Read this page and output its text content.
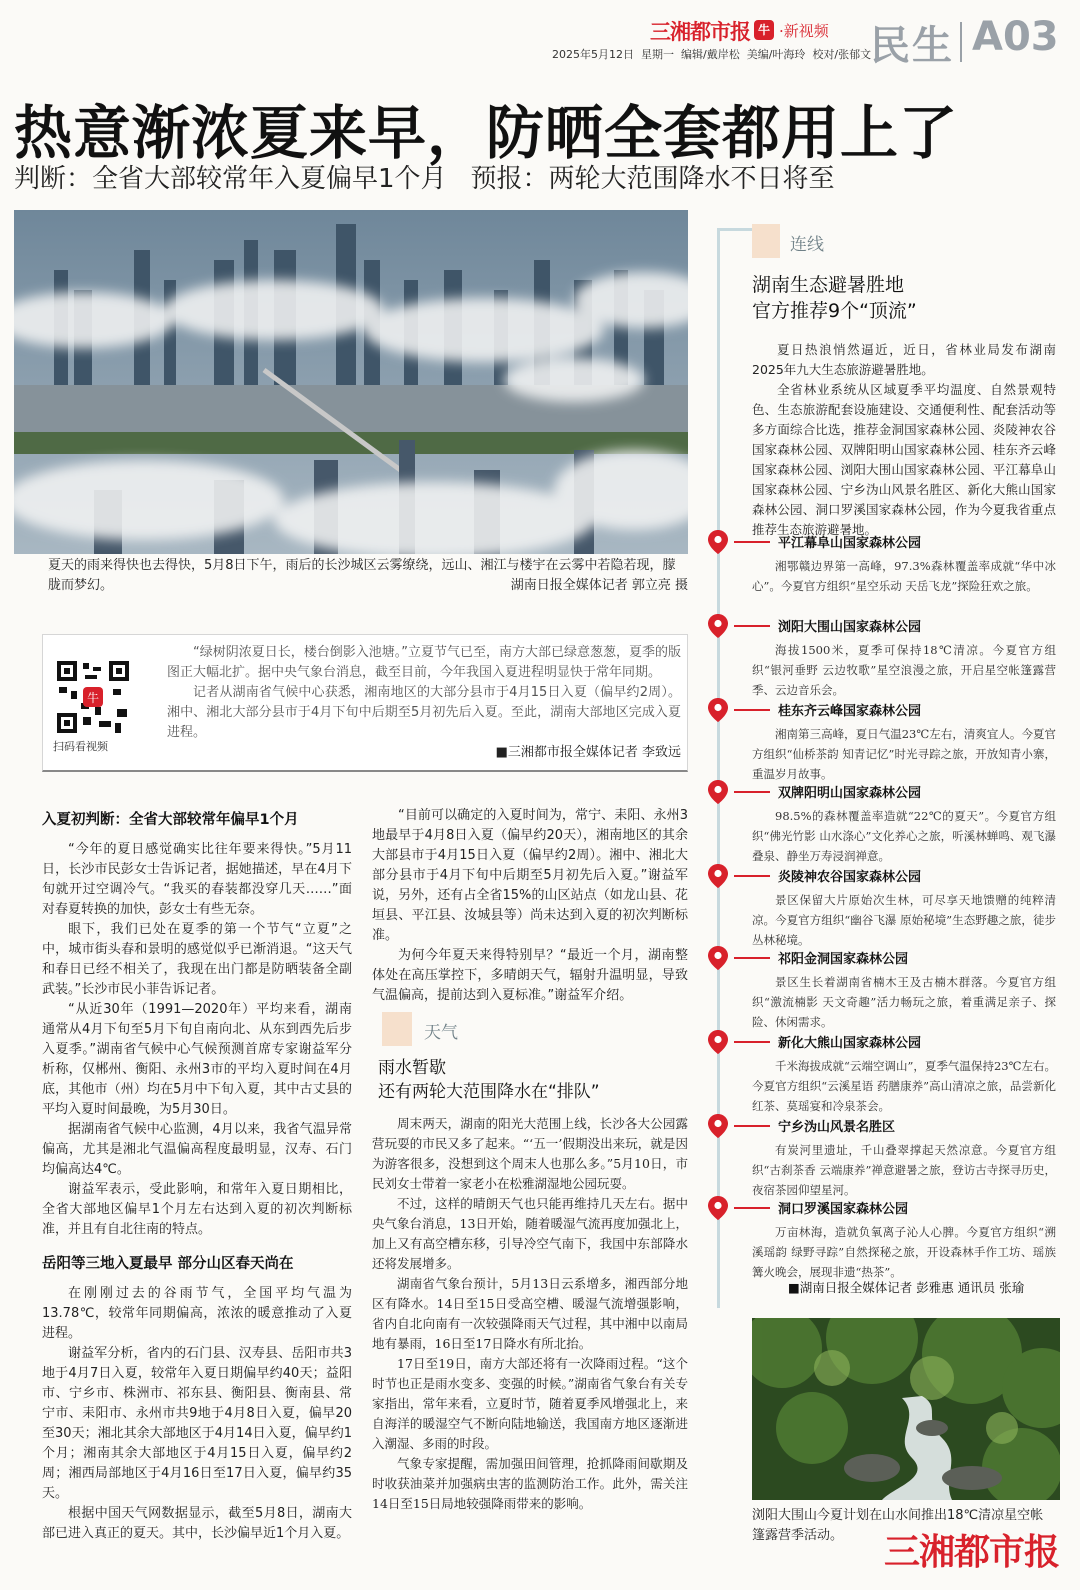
三湘都市报 牛 ·新视频
2025年5月12日 星期一 编辑/戴岸松 美编/叶海玲 校对/张郁文
民生 A03
热意渐浓夏来早，防晒全套都用上了
判断：全省大部较常年入夏偏早1个月 预报：两轮大范围降水不日将至
夏天的雨来得快也去得快，5月8日下午，雨后的长沙城区云雾缭绕，远山、湘江与楼宇在云雾中若隐若现，朦胧而梦幻。	湖南日报全媒体记者 郭立亮 摄
牛
扫码看视频

“绿树阴浓夏日长，楼台倒影入池塘。”立夏节气已至，南方大部已绿意葱葱，夏季的版图正大幅北扩。据中央气象台消息，截至目前，今年我国入夏进程明显快于常年同期。

记者从湖南省气候中心获悉，湘南地区的大部分县市于4月15日入夏（偏早约2周）。湘中、湘北大部分县市于4月下旬中后期至5月初先后入夏。至此，湖南大部地区完成入夏进程。

■三湘都市报全媒体记者 李致远
入夏初判断：全省大部较常年偏早1个月

“今年的夏日感觉确实比往年要来得快。”5月11日，长沙市民彭女士告诉记者，据她描述，早在4月下旬就开过空调冷气。“我买的春装都没穿几天……”面对春夏转换的加快，彭女士有些无奈。

眼下，我们已处在夏季的第一个节气“立夏”之中，城市街头春和景明的感觉似乎已渐消退。“这天气和春日已经不相关了，我现在出门都是防晒装备全副武装。”长沙市民小菲告诉记者。

“从近30年（1991—2020年）平均来看，湖南通常从4月下旬至5月下旬自南向北、从东到西先后步入夏季。”湖南省气候中心气候预测首席专家谢益军分析称，仅郴州、衡阳、永州3市的平均入夏时间在4月底，其他市（州）均在5月中下旬入夏，其中古丈县的平均入夏时间最晚，为5月30日。

据湖南省气候中心监测，4月以来，我省气温异常偏高，尤其是湘北气温偏高程度最明显，汉寿、石门均偏高达4℃。

谢益军表示，受此影响，和常年入夏日期相比，全省大部地区偏早1个月左右达到入夏的初次判断标准，并且有自北往南的特点。

岳阳等三地入夏最早 部分山区春天尚在

在刚刚过去的谷雨节气，全国平均气温为13.78℃，较常年同期偏高，浓浓的暖意推动了入夏进程。

谢益军分析，省内的石门县、汉寿县、岳阳市共3地于4月7日入夏，较常年入夏日期偏早约40天；益阳市、宁乡市、株洲市、祁东县、衡阳县、衡南县、常宁市、耒阳市、永州市共9地于4月8日入夏，偏早20至30天；湘北其余大部地区于4月14日入夏，偏早约1个月；湘南其余大部地区于4月15日入夏，偏早约2周；湘西局部地区于4月16日至17日入夏，偏早约35天。

根据中国天气网数据显示，截至5月8日，湖南大部已进入真正的夏天。其中，长沙偏早近1个月入夏。

“目前可以确定的入夏时间为，常宁、耒阳、永州3地最早于4月8日入夏（偏早约20天），湘南地区的其余大部县市于4月15日入夏（偏早约2周）。湘中、湘北大部分县市于4月下旬中后期至5月初先后入夏。”谢益军说，另外，还有占全省15%的山区站点（如龙山县、花垣县、平江县、汝城县等）尚未达到入夏的初次判断标准。

为何今年夏天来得特别早？“最近一个月，湖南整体处在高压掌控下，多晴朗天气，辐射升温明显，导致气温偏高，提前达到入夏标准。”谢益军介绍。

天气
雨水暂歇
还有两轮大范围降水在“排队”

周末两天，湖南的阳光大范围上线，长沙各大公园露营玩耍的市民又多了起来。“‘五一’假期没出来玩，就是因为游客很多，没想到这个周末人也那么多。”5月10日，市民刘女士带着一家老小在松雅湖湿地公园玩耍。

不过，这样的晴朗天气也只能再维持几天左右。据中央气象台消息，13日开始，随着暖湿气流再度加强北上，加上又有高空槽东移，引导冷空气南下，我国中东部降水还将发展增多。

湖南省气象台预计，5月13日云系增多，湘西部分地区有降水。14日至15日受高空槽、暖湿气流增强影响，省内自北向南有一次较强降雨天气过程，其中湘中以南局地有暴雨，16日至17日降水有所北抬。

17日至19日，南方大部还将有一次降雨过程。“这个时节也正是雨水变多、变强的时候。”湖南省气象台有关专家指出，常年来看，立夏时节，随着夏季风增强北上，来自海洋的暖湿空气不断向陆地输送，我国南方地区逐渐进入潮湿、多雨的时段。

气象专家提醒，需加强田间管理，抢抓降雨间歇期及时收获油菜并加强病虫害的监测防治工作。此外，需关注14日至15日局地较强降雨带来的影响。

连线
湖南生态避暑胜地
官方推荐9个“顶流”

夏日热浪悄然逼近，近日，省林业局发布湖南2025年九大生态旅游避暑胜地。

全省林业系统从区域夏季平均温度、自然景观特色、生态旅游配套设施建设、交通便利性、配套活动等多方面综合比选，推荐金洞国家森林公园、炎陵神农谷国家森林公园、双牌阳明山国家森林公园、桂东齐云峰国家森林公园、浏阳大围山国家森林公园、平江幕阜山国家森林公园、宁乡沩山风景名胜区、新化大熊山国家森林公园、洞口罗溪国家森林公园，作为今夏我省重点推荐生态旅游避暑地。

平江幕阜山国家森林公园

湘鄂赣边界第一高峰，97.3%森林覆盖率成就“华中冰心”。今夏官方组织“星空乐动 天岳飞龙”探险狂欢之旅。

浏阳大围山国家森林公园

海拔1500米，夏季可保持18℃清凉。今夏官方组织“银河垂野 云边牧歌”星空浪漫之旅，开启星空帐篷露营季、云边音乐会。

桂东齐云峰国家森林公园

湘南第三高峰，夏日气温23℃左右，清爽宜人。今夏官方组织“仙桥茶韵 知青记忆”时光寻踪之旅，开放知青小寨，重温岁月故事。

双牌阳明山国家森林公园

98.5%的森林覆盖率造就“22℃的夏天”。今夏官方组织“佛光竹影 山水涤心”文化养心之旅，听溪林蝉鸣、观飞瀑叠泉、静坐万寿浸润禅意。

炎陵神农谷国家森林公园

景区保留大片原始次生林，可尽享天地馈赠的纯粹清凉。今夏官方组织“幽谷飞瀑 原始秘境”生态野趣之旅，徒步丛林秘境。

祁阳金洞国家森林公园

景区生长着湖南省楠木王及古楠木群落。今夏官方组织“激流楠影 天文奇趣”活力畅玩之旅，着重满足亲子、探险、休闲需求。

新化大熊山国家森林公园

千米海拔成就“云端空调山”，夏季气温保持23℃左右。今夏官方组织“云溪星语 药膳康养”高山清凉之旅，品尝新化红茶、莫瑶宴和冷泉茶会。

宁乡沩山风景名胜区

有炭河里遗址，千山叠翠撑起天然凉意。今夏官方组织“古刹茶香 云端康养”禅意避暑之旅，登访古寺探寻历史，夜宿茶园仰望星河。

洞口罗溪国家森林公园

万亩林海，造就负氧离子沁人心脾。今夏官方组织“溯溪瑶韵 绿野寻踪”自然探秘之旅，开设森林手作工坊、瑶族篝火晚会，展现非遗“热茶”。

■湖南日报全媒体记者 彭雅惠 通讯员 张瑜
浏阳大围山今夏计划在山水间推出18℃清凉星空帐篷露营季活动。	三湘都市报
